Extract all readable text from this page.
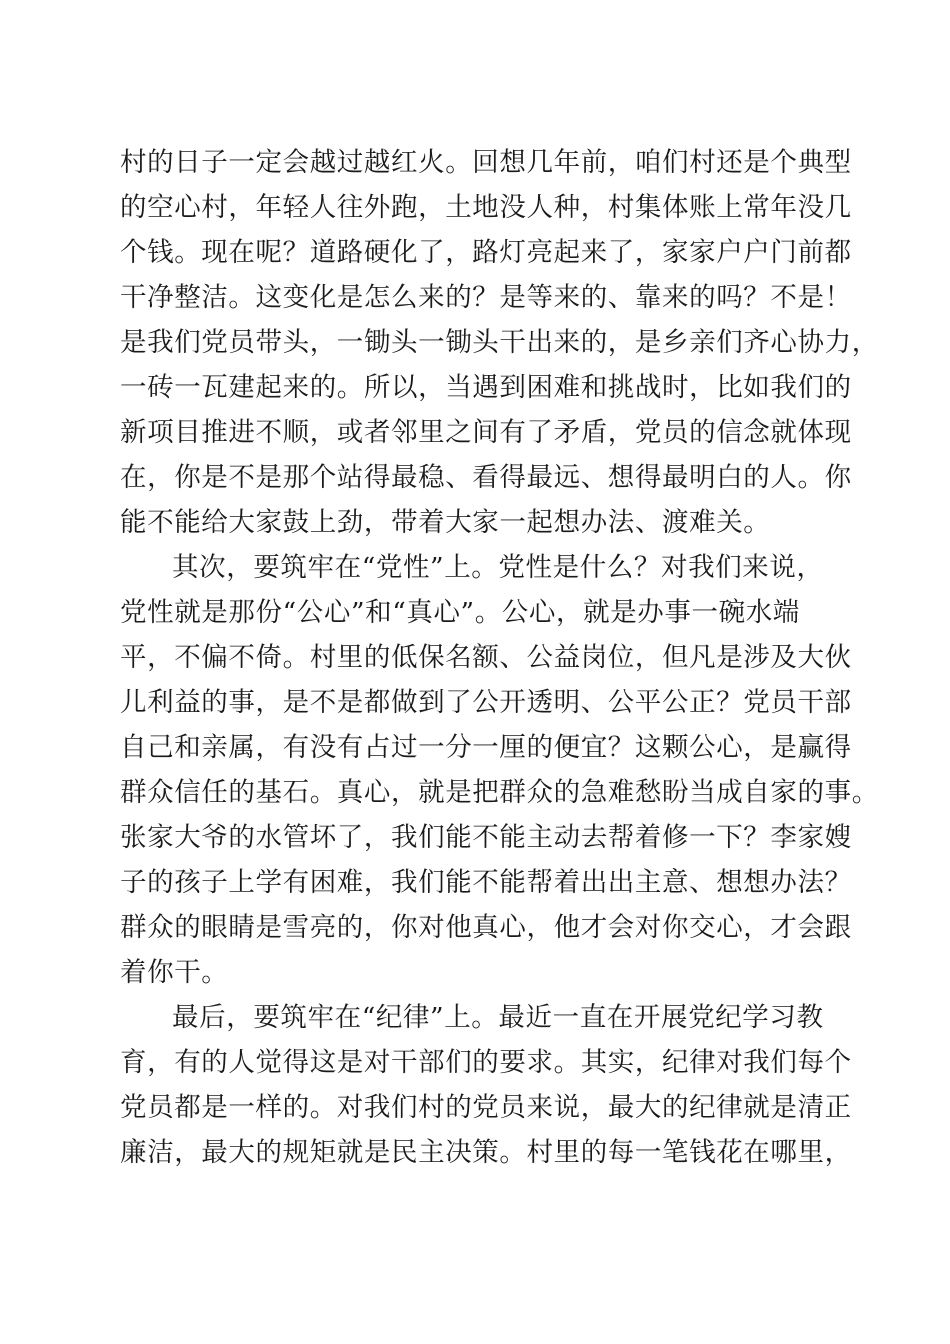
村的日子一定会越过越红火。回想几年前，咱们村还是个典型
的空心村，年轻人往外跑，土地没人种，村集体账上常年没几
个钱。现在呢？道路硬化了，路灯亮起来了，家家户户门前都
干净整洁。这变化是怎么来的？是等来的、靠来的吗？不是！
是我们党员带头，一锄头一锄头干出来的，是乡亲们齐心协力，
一砖一瓦建起来的。所以，当遇到困难和挑战时，比如我们的
新项目推进不顺，或者邻里之间有了矛盾，党员的信念就体现
在，你是不是那个站得最稳、看得最远、想得最明白的人。你
能不能给大家鼓上劲，带着大家一起想办法、渡难关。
其次，要筑牢在“党性”上。党性是什么？对我们来说，
党性就是那份“公心”和“真心”。公心，就是办事一碗水端
平，不偏不倚。村里的低保名额、公益岗位，但凡是涉及大伙
儿利益的事，是不是都做到了公开透明、公平公正？党员干部
自己和亲属，有没有占过一分一厘的便宜？这颗公心，是赢得
群众信任的基石。真心，就是把群众的急难愁盼当成自家的事。
张家大爷的水管坏了，我们能不能主动去帮着修一下？李家嫂
子的孩子上学有困难，我们能不能帮着出出主意、想想办法？
群众的眼睛是雪亮的，你对他真心，他才会对你交心，才会跟
着你干。
最后，要筑牢在“纪律”上。最近一直在开展党纪学习教
育，有的人觉得这是对干部们的要求。其实，纪律对我们每个
党员都是一样的。对我们村的党员来说，最大的纪律就是清正
廉洁，最大的规矩就是民主决策。村里的每一笔钱花在哪里，
